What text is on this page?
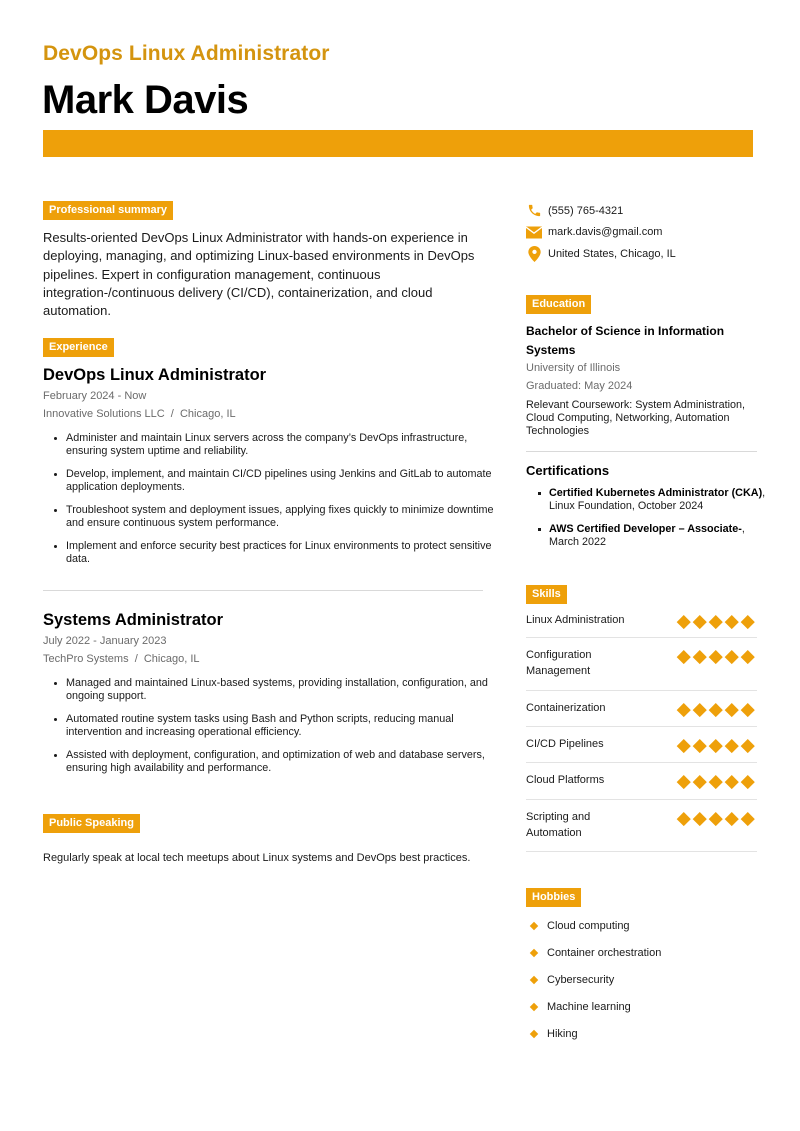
DevOps Linux Administrator
Mark Davis
Professional summary

Results-oriented DevOps Linux Administrator with hands-on experience in deploying, managing, and optimizing Linux-based environments in DevOps pipelines. Expert in configuration management, continuous integration-/continuous delivery (CI/CD), containerization, and cloud automation.

Experience
DevOps Linux Administrator
February 2024 - Now
Innovative Solutions LLC  /  Chicago, IL
Administer and maintain Linux servers across the company’s DevOps infrastructure, ensuring system uptime and reliability.
Develop, implement, and maintain CI/CD pipelines using Jenkins and GitLab to automate application deployments.
Troubleshoot system and deployment issues, applying fixes quickly to minimize downtime and ensure continuous system performance.
Implement and enforce security best practices for Linux environments to protect sensitive data.
Systems Administrator
July 2022 - January 2023
TechPro Systems  /  Chicago, IL
Managed and maintained Linux-based systems, providing installation, configuration, and ongoing support.
Automated routine system tasks using Bash and Python scripts, reducing manual intervention and increasing operational efficiency.
Assisted with deployment, configuration, and optimization of web and database servers, ensuring high availability and performance.
Public Speaking
Regularly speak at local tech meetups about Linux systems and DevOps best practices.
(555) 765-4321
mark.davis@gmail.com
United States, Chicago, IL
Education
Bachelor of Science in Information Systems
University of Illinois
Graduated: May 2024
Relevant Coursework: System Administration, Cloud Computing, Networking, Automation Technologies
Certifications
Certified Kubernetes Administrator (CKA), Linux Foundation, October 2024
AWS Certified Developer – Associate-, March 2022
Skills
Linux Administration
Configuration Management
Containerization
CI/CD Pipelines
Cloud Platforms
Scripting and Automation
Hobbies
Cloud computing
Container orchestration
Cybersecurity
Machine learning
Hiking
